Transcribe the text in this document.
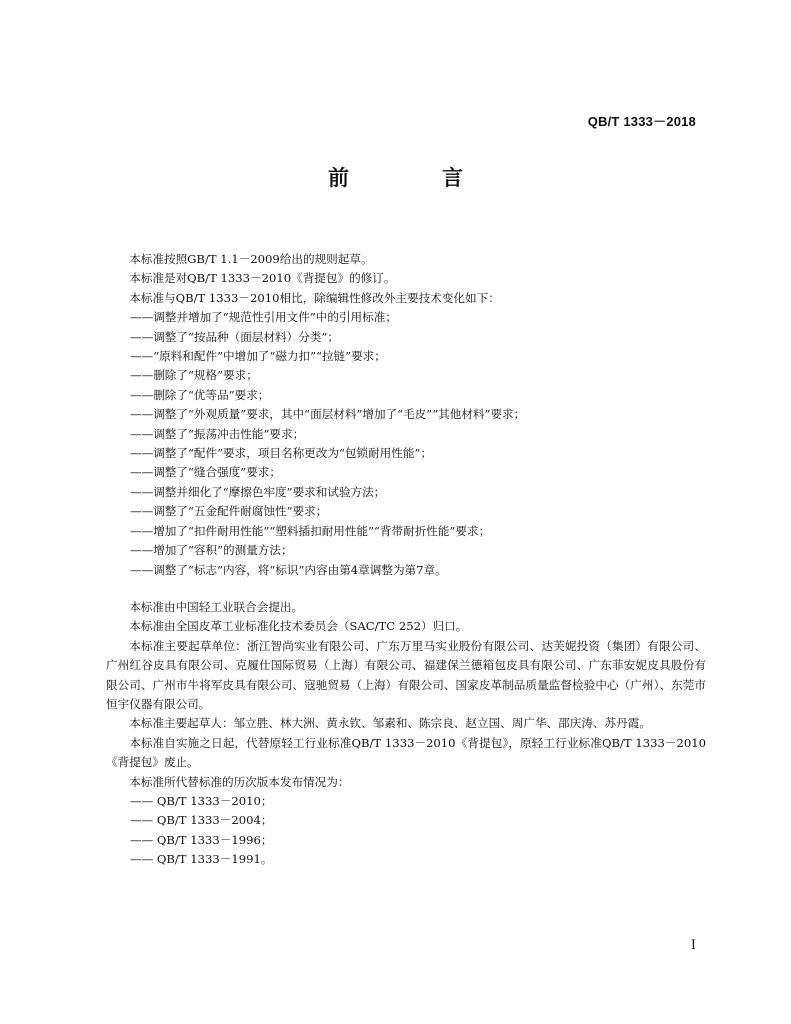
QB/T 1333－2018
前　言

本标准按照GB/T 1.1－2009给出的规则起草。

本标准是对QB/T 1333－2010《背提包》的修订。

本标准与QB/T 1333－2010相比，除编辑性修改外主要技术变化如下：

——调整并增加了“规范性引用文件”中的引用标准；

——调整了“按品种（面层材料）分类”；

——“原料和配件”中增加了“磁力扣”“拉链”要求；

——删除了“规格”要求；

——删除了“优等品”要求；

——调整了“外观质量”要求，其中“面层材料”增加了“毛皮”“其他材料”要求；

——调整了“振荡冲击性能”要求；

——调整了“配件”要求，项目名称更改为“包锁耐用性能”；

——调整了“缝合强度”要求；

——调整并细化了“摩擦色牢度”要求和试验方法；

——调整了“五金配件耐腐蚀性”要求；

——增加了“扣件耐用性能”“塑料插扣耐用性能”“背带耐折性能”要求；

——增加了“容积”的测量方法；

——调整了“标志”内容，将“标识”内容由第4章调整为第7章。

本标准由中国轻工业联合会提出。

本标准由全国皮革工业标准化技术委员会（SAC/TC 252）归口。

本标准主要起草单位：浙江智尚实业有限公司、广东万里马实业股份有限公司、达芙妮投资（集团）有限公司、广州红谷皮具有限公司、克履仕国际贸易（上海）有限公司、福建保兰德箱包皮具有限公司、广东菲安妮皮具股份有限公司、广州市牛将军皮具有限公司、寇驰贸易（上海）有限公司、国家皮革制品质量监督检验中心（广州）、东莞市恒宇仪器有限公司。

本标准主要起草人：邹立胜、林大洲、黄永钦、邹素和、陈宗良、赵立国、周广华、邵庆涛、苏丹霞。

本标准自实施之日起，代替原轻工行业标准QB/T 1333－2010《背提包》，原轻工行业标准QB/T 1333－2010《背提包》废止。

本标准所代替标准的历次版本发布情况为：

—— QB/T 1333－2010；

—— QB/T 1333－2004；

—— QB/T 1333－1996；

—— QB/T 1333－1991。

I
